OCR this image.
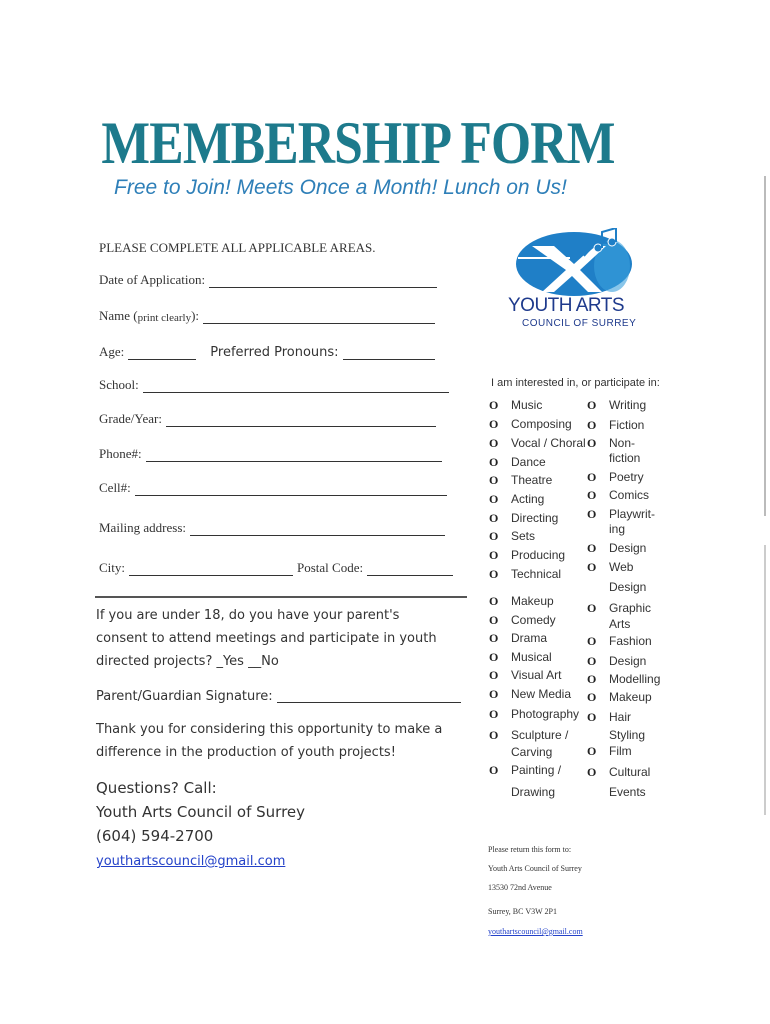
MEMBERSHIP FORM
Free to Join! Meets Once a Month! Lunch on Us!
PLEASE COMPLETE ALL APPLICABLE AREAS.
Date of Application:
Name ( print clearly ):
Age:	Preferred Pronouns:
School:
Grade/Year:
Phone#:
Cell#:
Mailing address:
City:	Postal Code:
If you are under 18, do you have your parent's
consent to attend meetings and participate in youth
directed projects? _Yes __No
Parent/Guardian Signature:
Thank you for considering this opportunity to make a
difference in the production of youth projects!
Questions? Call:
Youth Arts Council of Surrey
(604) 594-2700
youthartscouncil@gmail.com
YOUTH ARTS
COUNCIL OF SURREY
I am interested in, or participate in:
O Music
O Composing
O Vocal / Choral
O Dance
O Theatre
O Acting
O Directing
O Sets
O Producing
O Technical
O Makeup
O Comedy
O Drama
O Musical
O Visual Art
O New Media
O Photography
O Sculpture /
Carving
O Painting /
Drawing
O Writing
O Fiction
O Non-
fiction
O Poetry
O Comics
O Playwrit-
ing
O Design
O Web
Design
O Graphic
Arts
O Fashion
O Design
O Modelling
O Makeup
O Hair
Styling
O Film
O Cultural
Events
Please return this form to:
Youth Arts Council of Surrey
13530 72nd Avenue
Surrey, BC V3W 2P1
youthartscouncil@gmail.com
